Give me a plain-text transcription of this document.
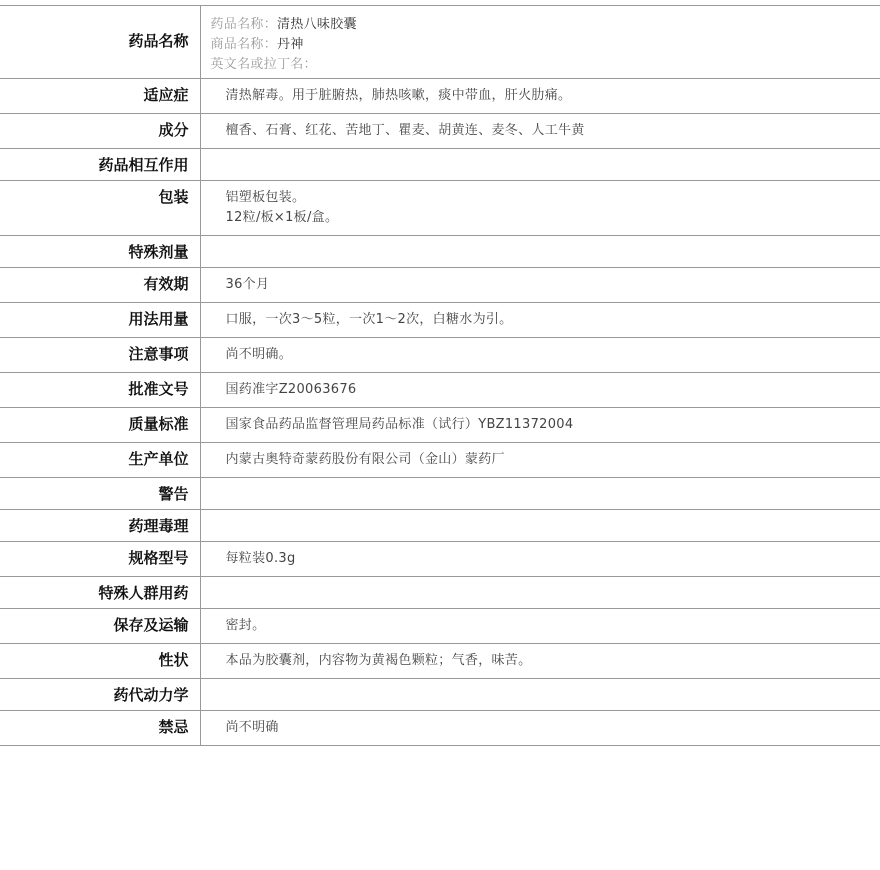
药品名称	药品名称：清热八味胶囊
商品名称：丹神
英文名或拉丁名：

适应症	清热解毒。用于脏腑热，肺热咳嗽，痰中带血，肝火肋痛。
成分	檀香、石膏、红花、苦地丁、瞿麦、胡黄连、麦冬、人工牛黄
药品相互作用	
包装	铝塑板包装。
12粒/板×1板/盒。

特殊剂量	
有效期	36个月
用法用量	口服，一次3～5粒，一次1～2次，白糖水为引。
注意事项	尚不明确。
批准文号	国药准字Z20063676
质量标准	国家食品药品监督管理局药品标准（试行）YBZ11372004
生产单位	内蒙古奥特奇蒙药股份有限公司（金山）蒙药厂
警告	
药理毒理	
规格型号	每粒装0.3g
特殊人群用药	
保存及运输	密封。
性状	本品为胶囊剂，内容物为黄褐色颗粒；气香，味苦。
药代动力学	
禁忌	尚不明确
